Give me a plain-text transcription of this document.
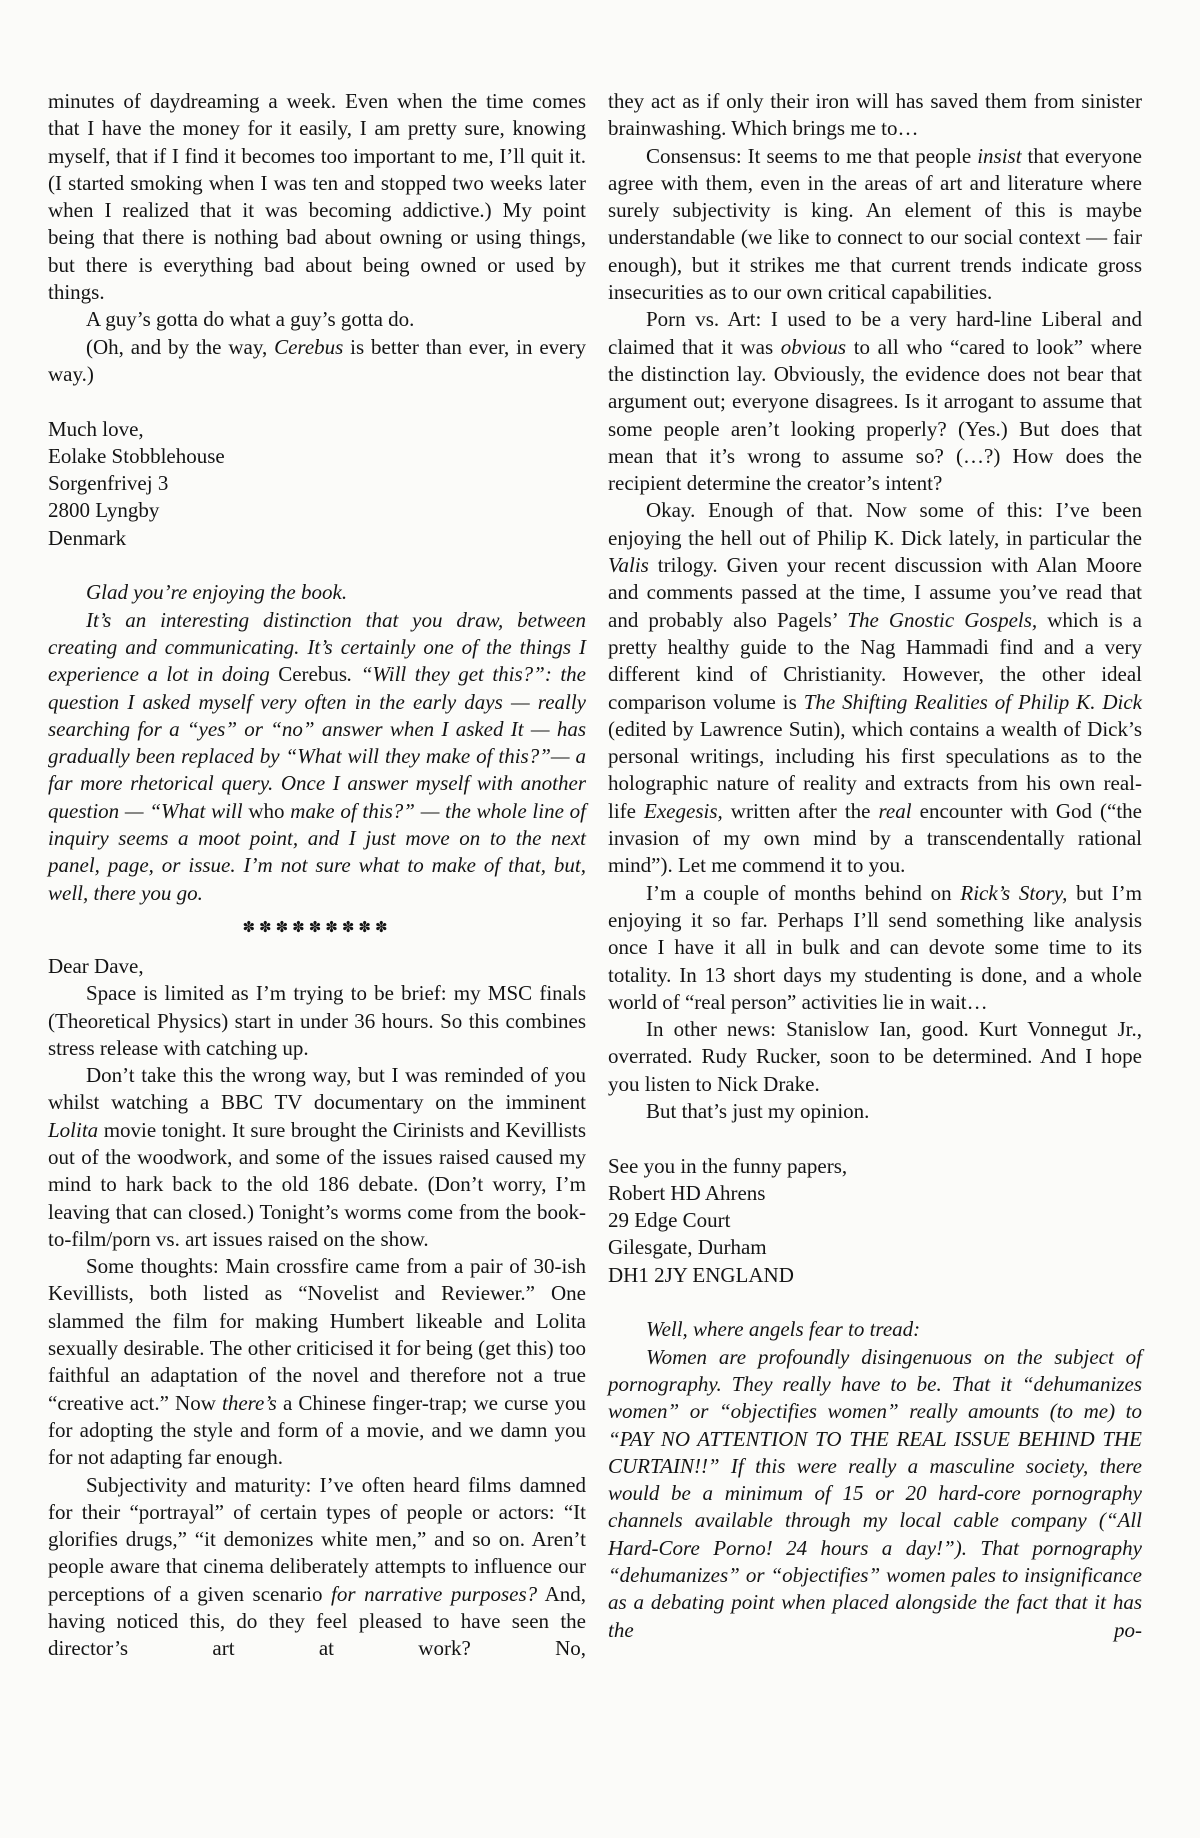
minutes of daydreaming a week. Even when the time comes that I have the money for it easily, I am pretty sure, knowing myself, that if I find it becomes too important to me, I’ll quit it. (I started smoking when I was ten and stopped two weeks later when I realized that it was becoming addictive.) My point being that there is nothing bad about owning or using things, but there is everything bad about being owned or used by things.

A guy’s gotta do what a guy’s gotta do.

(Oh, and by the way, Cerebus is better than ever, in every way.)

Much love,

Eolake Stobblehouse

Sorgenfrivej 3

2800 Lyngby

Denmark

Glad you’re enjoying the book.

It’s an interesting distinction that you draw, between creating and communicating. It’s certainly one of the things I experience a lot in doing Cerebus. “Will they get this?”: the question I asked myself very often in the early days — really searching for a “yes” or “no” answer when I asked It — has gradually been replaced by “What will they make of this?”— a far more rhetorical query. Once I answer myself with another question — “What will who make of this?” — the whole line of inquiry seems a moot point, and I just move on to the next panel, page, or issue. I’m not sure what to make of that, but, well, there you go.

✽✽✽✽✽✽✽✽✽

Dear Dave,

Space is limited as I’m trying to be brief: my MSC finals (Theoretical Physics) start in under 36 hours. So this combines stress release with catching up.

Don’t take this the wrong way, but I was reminded of you whilst watching a BBC TV documentary on the imminent Lolita movie tonight. It sure brought the Cirinists and Kevillists out of the woodwork, and some of the issues raised caused my mind to hark back to the old 186 debate. (Don’t worry, I’m leaving that can closed.) Tonight’s worms come from the book-to-film/porn vs. art issues raised on the show.

Some thoughts: Main crossfire came from a pair of 30-ish Kevillists, both listed as “Novelist and Reviewer.” One slammed the film for making Humbert likeable and Lolita sexually desirable. The other criticised it for being (get this) too faithful an adaptation of the novel and therefore not a true “creative act.” Now there’s a Chinese finger-trap; we curse you for adopting the style and form of a movie, and we damn you for not adapting far enough.

Subjectivity and maturity: I’ve often heard films damned for their “portrayal” of certain types of people or actors: “It glorifies drugs,” “it demonizes white men,” and so on. Aren’t people aware that cinema deliberately attempts to influence our perceptions of a given scenario for narrative purposes? And, having noticed this, do they feel pleased to have seen the director’s art at work? No,

they act as if only their iron will has saved them from sinister brainwashing. Which brings me to…

Consensus: It seems to me that people insist that everyone agree with them, even in the areas of art and literature where surely subjectivity is king. An element of this is maybe understandable (we like to connect to our social context — fair enough), but it strikes me that current trends indicate gross insecurities as to our own critical capabilities.

Porn vs. Art: I used to be a very hard-line Liberal and claimed that it was obvious to all who “cared to look” where the distinction lay. Obviously, the evidence does not bear that argument out; everyone disagrees. Is it arrogant to assume that some people aren’t looking properly? (Yes.) But does that mean that it’s wrong to assume so? (…?) How does the recipient determine the creator’s intent?

Okay. Enough of that. Now some of this: I’ve been enjoying the hell out of Philip K. Dick lately, in particular the Valis trilogy. Given your recent discussion with Alan Moore and comments passed at the time, I assume you’ve read that and probably also Pagels’ The Gnostic Gospels, which is a pretty healthy guide to the Nag Hammadi find and a very different kind of Christianity. However, the other ideal comparison volume is The Shifting Realities of Philip K. Dick (edited by Lawrence Sutin), which contains a wealth of Dick’s personal writings, including his first speculations as to the holographic nature of reality and extracts from his own real-life Exegesis, written after the real encounter with God (“the invasion of my own mind by a transcendentally rational mind”). Let me commend it to you.

I’m a couple of months behind on Rick’s Story, but I’m enjoying it so far. Perhaps I’ll send something like analysis once I have it all in bulk and can devote some time to its totality. In 13 short days my studenting is done, and a whole world of “real person” activities lie in wait…

In other news: Stanislow Ian, good. Kurt Vonnegut Jr., overrated. Rudy Rucker, soon to be determined. And I hope you listen to Nick Drake.

But that’s just my opinion.

See you in the funny papers,

Robert HD Ahrens

29 Edge Court

Gilesgate, Durham

DH1 2JY ENGLAND

Well, where angels fear to tread:

Women are profoundly disingenuous on the subject of pornography. They really have to be. That it “dehumanizes women” or “objectifies women” really amounts (to me) to “PAY NO ATTENTION TO THE REAL ISSUE BEHIND THE CURTAIN!!” If this were really a masculine society, there would be a minimum of 15 or 20 hard-core pornography channels available through my local cable company (“All Hard-Core Porno! 24 hours a day!”). That pornography “dehumanizes” or “objectifies” women pales to insignificance as a debating point when placed alongside the fact that it has the po-
